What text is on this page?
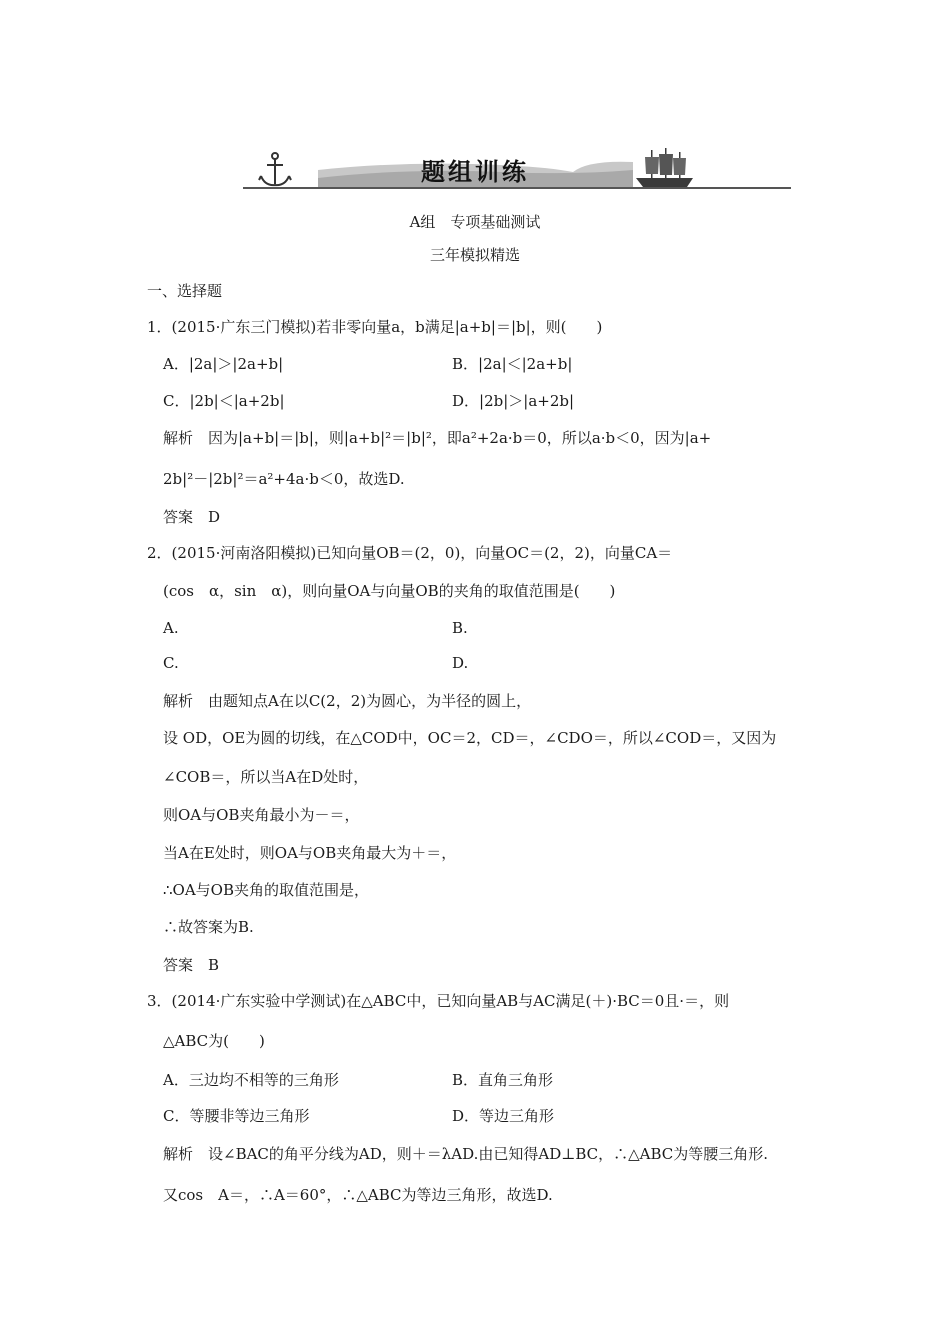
题组训练
A组　专项基础测试
三年模拟精选
一、选择题
1．(2015·广东三门模拟)若非零向量a，b满足|a+b|＝|b|，则(　　)
A．|2a|＞|2a+b|	B．|2a|＜|2a+b|
C．|2b|＜|a+2b|	D．|2b|＞|a+2b|
解析　因为|a+b|＝|b|，则|a+b|²＝|b|²，即a²+2a·b＝0，所以a·b＜0，因为|a+
2b|²－|2b|²＝a²+4a·b＜0，故选D.
答案　D
2．(2015·河南洛阳模拟)已知向量OB＝(2，0)，向量OC＝(2，2)，向量CA＝
(cos　α，sin　α)，则向量OA与向量OB的夹角的取值范围是(　　)
A.	B.
C.	D.
解析　由题知点A在以C(2，2)为圆心，为半径的圆上，
设 OD，OE为圆的切线，在△COD中，OC＝2，CD＝，∠CDO＝，所以∠COD＝，又因为
∠COB＝，所以当A在D处时，
则OA与OB夹角最小为－＝，
当A在E处时，则OA与OB夹角最大为＋＝，
∴OA与OB夹角的取值范围是，
∴故答案为B.
答案　B
3．(2014·广东实验中学测试)在△ABC中，已知向量AB与AC满足(＋)·BC＝0且·＝，则
△ABC为(　　)
A．三边均不相等的三角形	B．直角三角形
C．等腰非等边三角形	D．等边三角形
解析　设∠BAC的角平分线为AD，则＋＝λAD.由已知得AD⊥BC，∴△ABC为等腰三角形.
又cos　A＝，∴A＝60°，∴△ABC为等边三角形，故选D.
